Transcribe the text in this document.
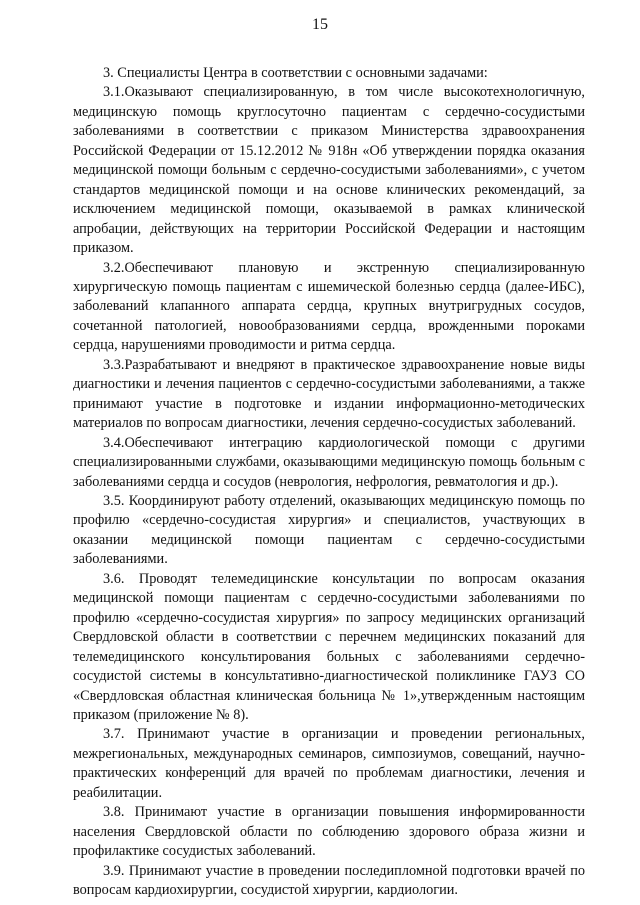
15

3. Специалисты Центра в соответствии с основными задачами:

3.1.Оказывают специализированную, в том числе высокотехнологичную, медицинскую помощь круглосуточно пациентам с сердечно-сосудистыми заболеваниями в соответствии с приказом Министерства здравоохранения Российской Федерации от 15.12.2012 № 918н «Об утверждении порядка оказания медицинской помощи больным с сердечно-сосудистыми заболеваниями», с учетом стандартов медицинской помощи и на основе клинических рекомендаций, за исключением медицинской помощи, оказываемой в рамках клинической апробации, действующих на территории Российской Федерации и настоящим приказом.

3.2.Обеспечивают плановую и экстренную специализированную хирургическую помощь пациентам с ишемической болезнью сердца (далее-ИБС), заболеваний клапанного аппарата сердца, крупных внутригрудных сосудов, сочетанной патологией, новообразованиями сердца, врожденными пороками сердца, нарушениями проводимости и ритма сердца.

3.3.Разрабатывают и внедряют в практическое здравоохранение новые виды диагностики и лечения пациентов с сердечно-сосудистыми заболеваниями, а также принимают участие в подготовке и издании информационно-методических материалов по вопросам диагностики, лечения сердечно-сосудистых заболеваний.

3.4.Обеспечивают интеграцию кардиологической помощи с другими специализированными службами, оказывающими медицинскую помощь больным с заболеваниями сердца и сосудов (неврология, нефрология, ревматология и др.).

3.5. Координируют работу отделений, оказывающих медицинскую помощь по профилю «сердечно-сосудистая хирургия» и специалистов, участвующих в оказании медицинской помощи пациентам с сердечно-сосудистыми заболеваниями.

3.6. Проводят телемедицинские консультации по вопросам оказания медицинской помощи пациентам с сердечно-сосудистыми заболеваниями по профилю «сердечно-сосудистая хирургия» по запросу медицинских организаций Свердловской области в соответствии с перечнем медицинских показаний для телемедицинского консультирования больных с заболеваниями сердечно-сосудистой системы в консультативно-диагностической поликлинике ГАУЗ СО «Свердловская областная клиническая больница № 1»,утвержденным настоящим приказом (приложение № 8).

3.7. Принимают участие в организации и проведении региональных, межрегиональных, международных семинаров, симпозиумов, совещаний, научно-практических конференций для врачей по проблемам диагностики, лечения и реабилитации.

3.8. Принимают участие в организации повышения информированности населения Свердловской области по соблюдению здорового образа жизни и профилактике сосудистых заболеваний.

3.9. Принимают участие в проведении последипломной подготовки врачей по вопросам кардиохирургии, сосудистой хирургии, кардиологии.
